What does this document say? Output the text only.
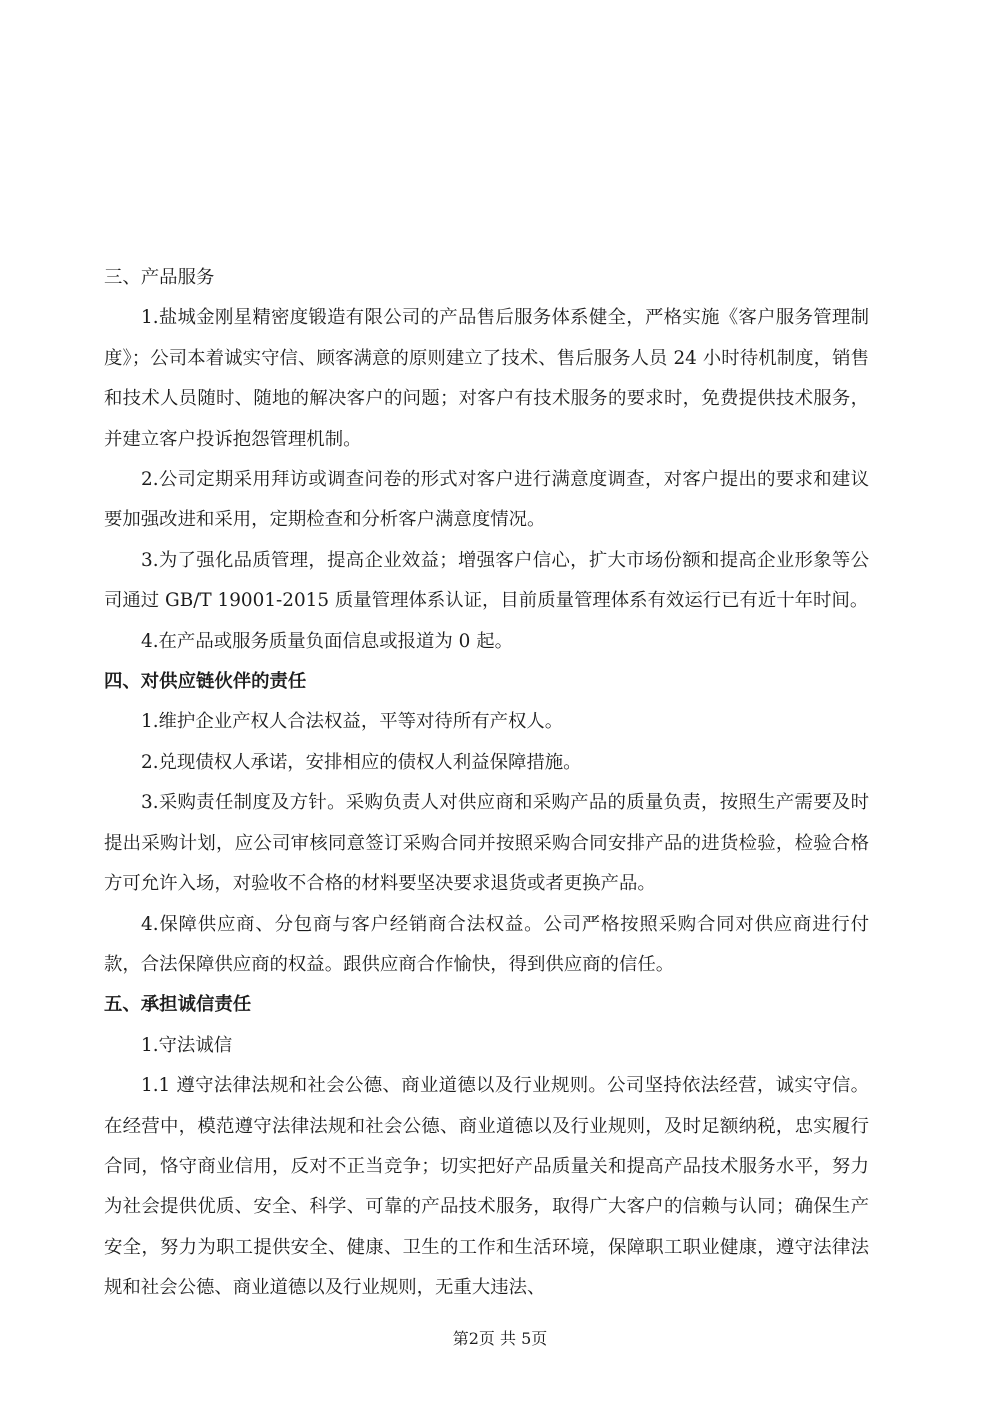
三、产品服务

1.盐城金刚星精密度锻造有限公司的产品售后服务体系健全，严格实施《客户服务管理制度》；公司本着诚实守信、顾客满意的原则建立了技术、售后服务人员 24 小时待机制度，销售和技术人员随时、随地的解决客户的问题；对客户有技术服务的要求时，免费提供技术服务，并建立客户投诉抱怨管理机制。

2.公司定期采用拜访或调查问卷的形式对客户进行满意度调查，对客户提出的要求和建议要加强改进和采用，定期检查和分析客户满意度情况。

3.为了强化品质管理，提高企业效益；增强客户信心，扩大市场份额和提高企业形象等公司通过 GB/T 19001-2015 质量管理体系认证，目前质量管理体系有效运行已有近十年时间。

4.在产品或服务质量负面信息或报道为 0 起。

四、对供应链伙伴的责任

1.维护企业产权人合法权益，平等对待所有产权人。

2.兑现债权人承诺，安排相应的债权人利益保障措施。

3.采购责任制度及方针。采购负责人对供应商和采购产品的质量负责，按照生产需要及时提出采购计划，应公司审核同意签订采购合同并按照采购合同安排产品的进货检验，检验合格方可允许入场，对验收不合格的材料要坚决要求退货或者更换产品。

4.保障供应商、分包商与客户经销商合法权益。公司严格按照采购合同对供应商进行付款，合法保障供应商的权益。跟供应商合作愉快，得到供应商的信任。

五、承担诚信责任

1.守法诚信

1.1 遵守法律法规和社会公德、商业道德以及行业规则。公司坚持依法经营，诚实守信。在经营中，模范遵守法律法规和社会公德、商业道德以及行业规则，及时足额纳税，忠实履行合同，恪守商业信用，反对不正当竞争；切实把好产品质量关和提高产品技术服务水平，努力为社会提供优质、安全、科学、可靠的产品技术服务，取得广大客户的信赖与认同；确保生产安全，努力为职工提供安全、健康、卫生的工作和生活环境，保障职工职业健康，遵守法律法规和社会公德、商业道德以及行业规则，无重大违法、

第2页 共 5页
